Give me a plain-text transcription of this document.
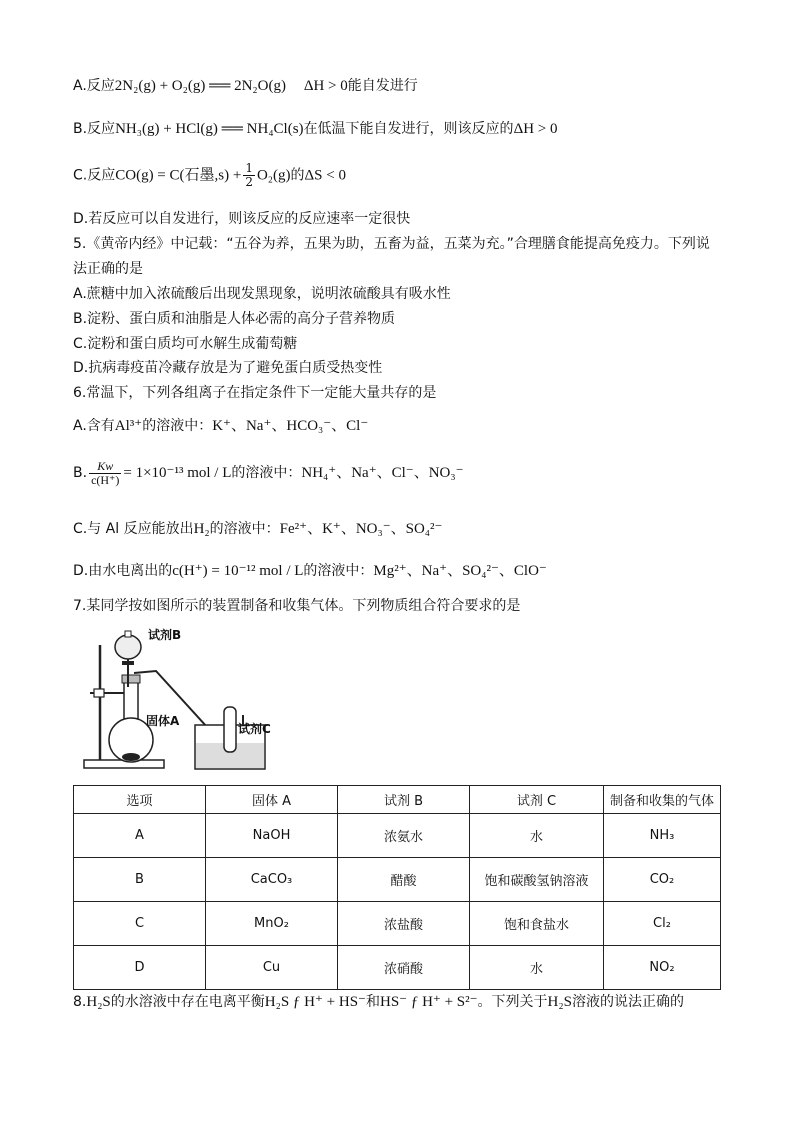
A.反应2N₂(g) + O₂(g) ══ 2N₂O(g) ΔH > 0能自发进行
B.反应NH₃(g) + HCl(g) ══ NH₄Cl(s)在低温下能自发进行，则该反应的ΔH > 0
C.反应CO(g) = C(石墨$,s) + \frac{1}{2} O_2(g)$的ΔS < 0
D.若反应可以自发进行，则该反应的反应速率一定很快
5.《黄帝内经》中记载：“五谷为养，五果为助，五畜为益，五菜为充。”合理膳食能提高免疫力。下列说
法正确的是
A.蔗糖中加入浓硫酸后出现发黑现象，说明浓硫酸具有吸水性
B.淀粉、蛋白质和油脂是人体必需的高分子营养物质
C.淀粉和蛋白质均可水解生成葡萄糖
D.抗病毒疫苗冷藏存放是为了避免蛋白质受热变性
6.常温下，下列各组离子在指定条件下一定能大量共存的是
A.含有Al³⁺的溶液中：K⁺、Na⁺、HCO₃⁻、Cl⁻
B. $\frac{Kw}{c(H^+)} = 1\times 10^{-13}$ mol / L的溶液中：NH₄⁺、Na⁺、Cl⁻、NO₃⁻
C.与 Al 反应能放出H₂的溶液中：Fe²⁺、K⁺、NO₃⁻、SO₄²⁻
D.由水电离出的c(H⁺) = 10⁻¹² mol / L的溶液中：Mg²⁺、Na⁺、SO₄²⁻、ClO⁻
7.某同学按如图所示的装置制备和收集气体。下列物质组合符合要求的是
试剂B
固体A
试剂C
选项	固体 A	试剂 B	试剂 C	制备和收集的气体
A	NaOH	浓氨水	水	NH₃
B	CaCO₃	醋酸	饱和碳酸氢钠溶液	CO₂
C	MnO₂	浓盐酸	饱和食盐水	Cl₂
D	Cu	浓硝酸	水	NO₂
8.H₂S的水溶液中存在电离平衡H₂S ƒ H⁺ + HS⁻和HS⁻ ƒ H⁺ + S²⁻。下列关于H₂S溶液的说法正确的
